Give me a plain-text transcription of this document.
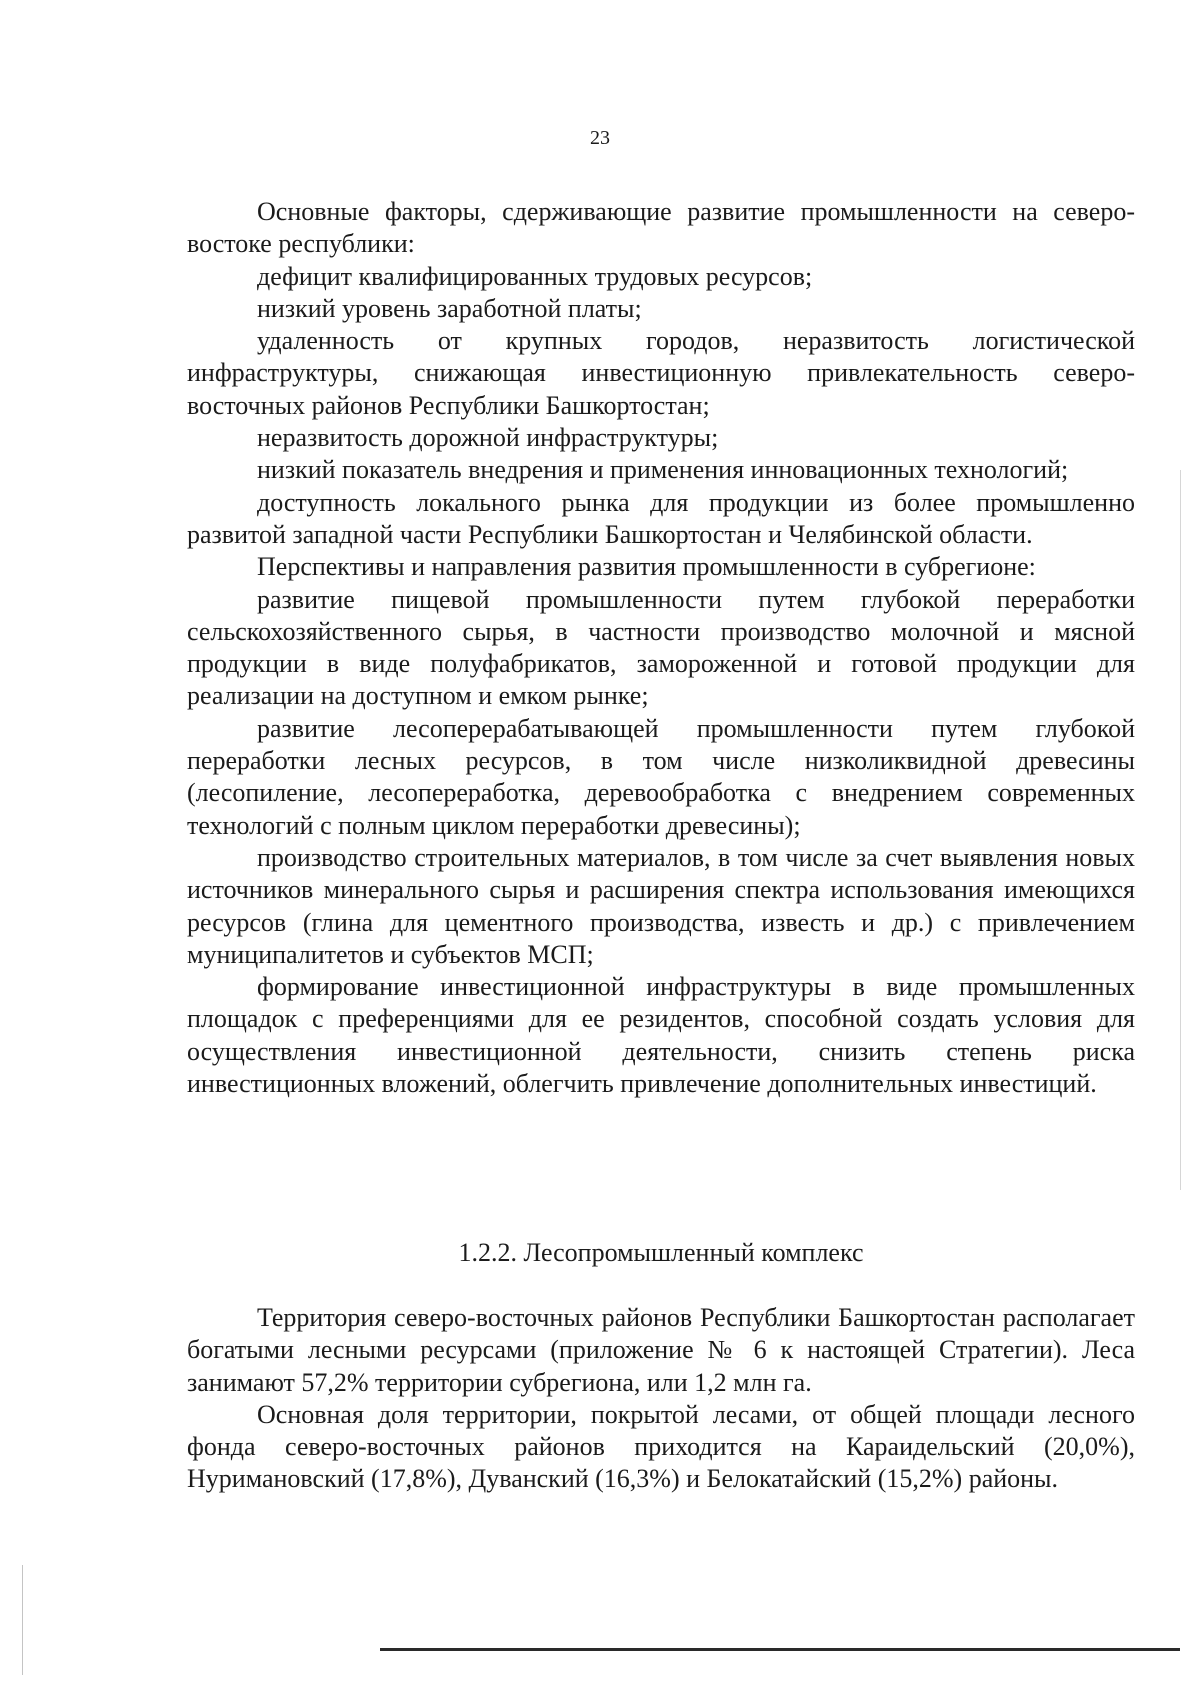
23

Основные факторы, сдерживающие развитие промышленности на северо-востоке республики:

дефицит квалифицированных трудовых ресурсов;

низкий уровень заработной платы;

удаленность от крупных городов, неразвитость логистической инфраструктуры, снижающая инвестиционную привлекательность северо-восточных районов Республики Башкортостан;

неразвитость дорожной инфраструктуры;

низкий показатель внедрения и применения инновационных технологий;

доступность локального рынка для продукции из более промышленно развитой западной части Республики Башкортостан и Челябинской области.

Перспективы и направления развития промышленности в субрегионе:

развитие пищевой промышленности путем глубокой переработки сельскохозяйственного сырья, в частности производство молочной и мясной продукции в виде полуфабрикатов, замороженной и готовой продукции для реализации на доступном и емком рынке;

развитие лесоперерабатывающей промышленности путем глубокой переработки лесных ресурсов, в том числе низколиквидной древесины (лесопиление, лесопереработка, деревообработка с внедрением современных технологий с полным циклом переработки древесины);

производство строительных материалов, в том числе за счет выявления новых источников минерального сырья и расширения спектра использования имеющихся ресурсов (глина для цементного производства, известь и др.) с привлечением муниципалитетов и субъектов МСП;

формирование инвестиционной инфраструктуры в виде промышленных площадок с преференциями для ее резидентов, способной создать условия для осуществления инвестиционной деятельности, снизить степень риска инвестиционных вложений, облегчить привлечение дополнительных инвестиций.

1.2.2. Лесопромышленный комплекс

Территория северо-восточных районов Республики Башкортостан располагает богатыми лесными ресурсами (приложение № 6 к настоящей Стратегии). Леса занимают 57,2% территории субрегиона, или 1,2 млн га.

Основная доля территории, покрытой лесами, от общей площади лесного фонда северо-восточных районов приходится на Караидельский (20,0%), Нуримановский (17,8%), Дуванский (16,3%) и Белокатайский (15,2%) районы.
